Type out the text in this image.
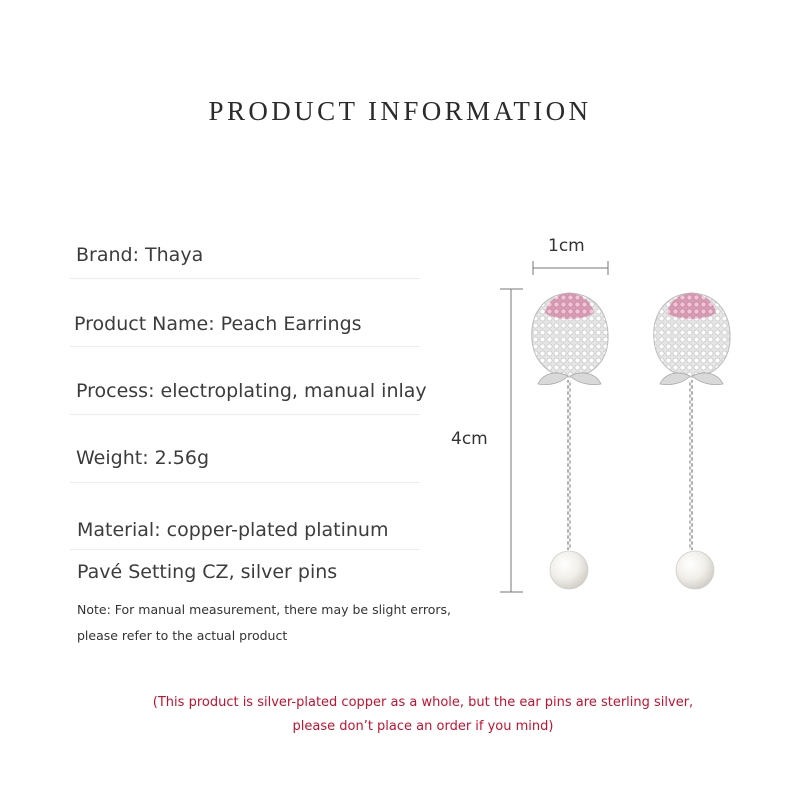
PRODUCT INFORMATION
Brand: Thaya
Product Name: Peach Earrings
Process: electroplating, manual inlay
Weight: 2.56g
Material: copper-plated platinum
Pavé Setting CZ, silver pins
Note: For manual measurement, there may be slight errors,
please refer to the actual product
(This product is silver-plated copper as a whole, but the ear pins are sterling silver,
please don’t place an order if you mind)
1cm
4cm
